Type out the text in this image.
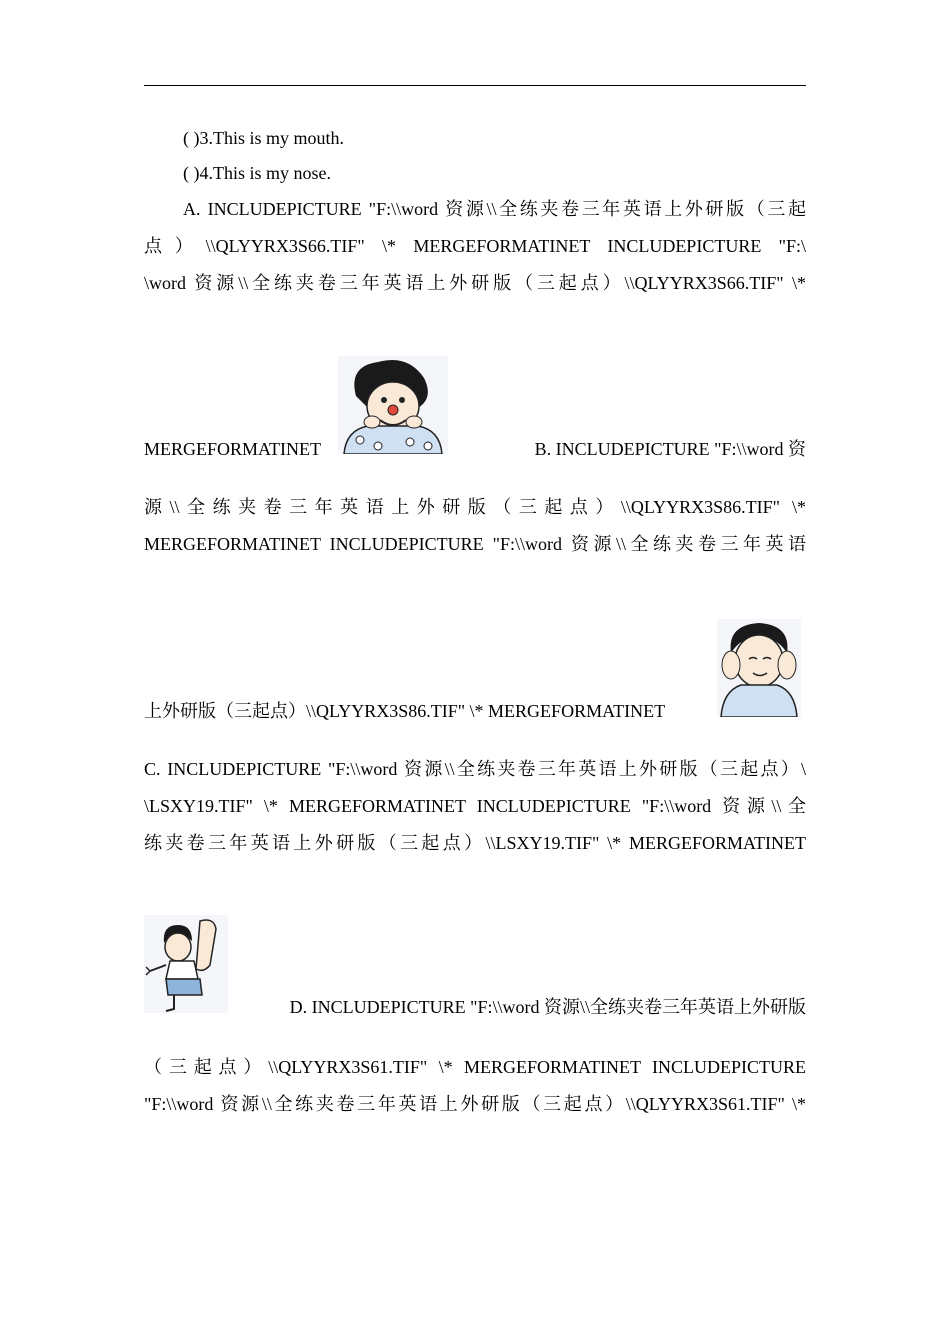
( )3.This is my mouth.
( )4.This is my nose.
A. INCLUDEPICTURE "F:\\word 资源\\全练夹卷三年英语上外研版（三起
点）\\QLYYRX3S66.TIF" \* MERGEFORMATINET INCLUDEPICTURE "F:\
\word 资源\\全练夹卷三年英语上外研版（三起点）\\QLYYRX3S66.TIF" \*
MERGEFORMATINET	B. INCLUDEPICTURE "F:\\word 资
源\\全练夹卷三年英语上外研版（三起点）\\QLYYRX3S86.TIF" \*
MERGEFORMATINET INCLUDEPICTURE "F:\\word 资源\\全练夹卷三年英语
上外研版（三起点）\\QLYYRX3S86.TIF" \* MERGEFORMATINET
C. INCLUDEPICTURE "F:\\word 资源\\全练夹卷三年英语上外研版（三起点）\
\LSXY19.TIF" \* MERGEFORMATINET INCLUDEPICTURE "F:\\word 资源\\全
练夹卷三年英语上外研版（三起点）\\LSXY19.TIF" \* MERGEFORMATINET
D. INCLUDEPICTURE "F:\\word 资源\\全练夹卷三年英语上外研版
（三起点）\\QLYYRX3S61.TIF" \* MERGEFORMATINET INCLUDEPICTURE
"F:\\word 资源\\全练夹卷三年英语上外研版（三起点）\\QLYYRX3S61.TIF" \*
